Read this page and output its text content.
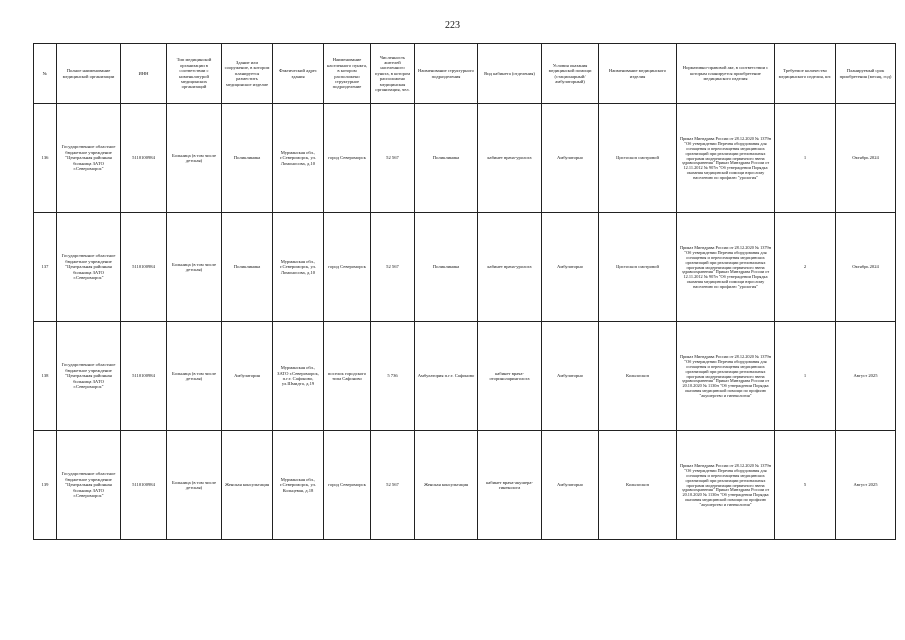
223
№	Полное наименование медицинской организации	ИНН	Тип медицинской организации в соответствии с номенклатурой медицинских организаций	Здание или сооружение, в котором планируется разместить медицинское изделие	Фактический адрес здания	Наименование населенного пункта, в котором расположено структурное подразделение	Численность жителей населенного пункта, в котором расположено медицинская организация, чел.	Наименование структурного подразделения	Вид кабинета (отделения)	Условия оказания медицинской помощи (стационарный/амбулаторный)	Наименование медицинского изделия	Нормативно-правовой акт, в соответствии с которым планируется приобретение медицинского изделия	Требуемое количество медицинского изделия, шт.	Планируемый срок приобретения (месяц, год)
136	Государственное областное бюджетное учреждение "Центральная районная больница ЗАТО г.Североморск"	5110100984	Больница (в том числе детская)	Поликлиника	Мурманская обл., г.Североморск, ул. Ломоносова, д.10	город Североморск	52 567	Поликлиника	кабинет врача-уролога	Амбулаторно	Цистоскоп смотровой	Приказ Минздрава России от 28.12.2020 № 1379н "Об утверждении Перечня оборудования для оснащения и переоснащения медицинских организаций при реализации региональных программ модернизации первичного звена здравоохранения" Приказ Минздрава России от 12.11.2012 № 907н "Об утверждении Порядка оказания медицинской помощи взрослому населению по профилю "урология"	1	Октябрь 2024
137	Государственное областное бюджетное учреждение "Центральная районная больница ЗАТО г.Североморск"	5110100984	Больница (в том числе детская)	Поликлиника	Мурманская обл., г.Североморск, ул. Ломоносова, д.10	город Североморск	52 567	Поликлиника	кабинет врача-уролога	Амбулаторно	Цистоскоп смотровой	Приказ Минздрава России от 28.12.2020 № 1379н "Об утверждении Перечня оборудования для оснащения и переоснащения медицинских организаций при реализации региональных программ модернизации первичного звена здравоохранения" Приказ Минздрава России от 12.11.2012 № 907н "Об утверждении Порядка оказания медицинской помощи взрослому населению по профилю "урология"	2	Октябрь 2024
138	Государственное областное бюджетное учреждение "Центральная районная больница ЗАТО г.Североморск"	5110100984	Больница (в том числе детская)	Амбулатория	Мурманская обл., ЗАТО г.Североморск, п.г.т. Сафоново, ул.Шмидта, д.19	поселок городского типа Сафоново	5 736	Амбулатория п.г.т. Сафоново	кабинет врача-оториноларинголога	Амбулаторно	Кольпоскоп	Приказ Минздрава России от 28.12.2020 № 1379н "Об утверждении Перечня оборудования для оснащения и переоснащения медицинских организаций при реализации региональных программ модернизации первичного звена здравоохранения" Приказ Минздрава России от 20.10.2020 № 1130н "Об утверждении Порядка оказания медицинской помощи по профилю "акушерство и гинекология"	1	Август 2025
139	Государственное областное бюджетное учреждение "Центральная районная больница ЗАТО г.Североморск"	5110100984	Больница (в том числе детская)	Женская консультация	Мурманская обл., г.Североморск, ул. Кольцевая, д.18	город Североморск	52 567	Женская консультация	кабинет врача-акушера-гинеколога	Амбулаторно	Кольпоскоп	Приказ Минздрава России от 28.12.2020 № 1379н "Об утверждении Перечня оборудования для оснащения и переоснащения медицинских организаций при реализации региональных программ модернизации первичного звена здравоохранения" Приказ Минздрава России от 20.10.2020 № 1130н "Об утверждении Порядка оказания медицинской помощи по профилю "акушерство и гинекология"	5	Август 2025
